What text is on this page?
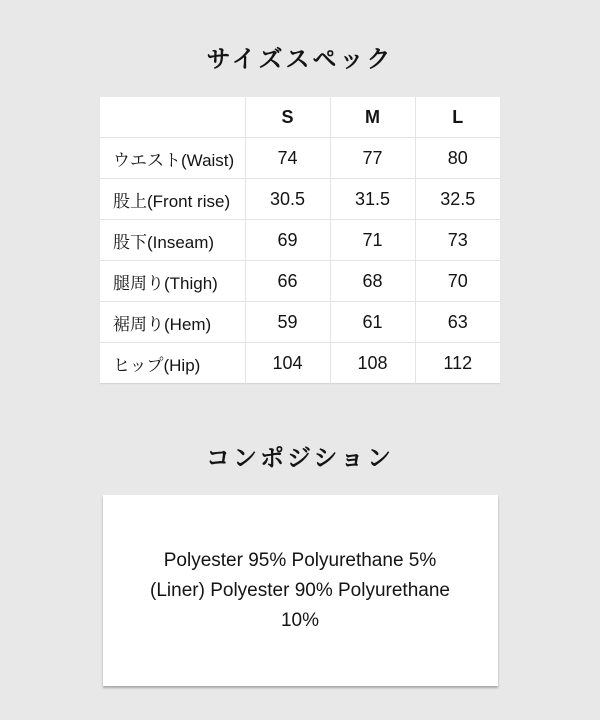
サイズスペック
	S	M	L
ウエスト(Waist)	74	77	80
股上(Front rise)	30.5	31.5	32.5
股下(Inseam)	69	71	73
腿周り(Thigh)	66	68	70
裾周り(Hem)	59	61	63
ヒップ(Hip)	104	108	112
コンポジション
Polyester 95% Polyurethane 5%
(Liner) Polyester 90% Polyurethane
10%
